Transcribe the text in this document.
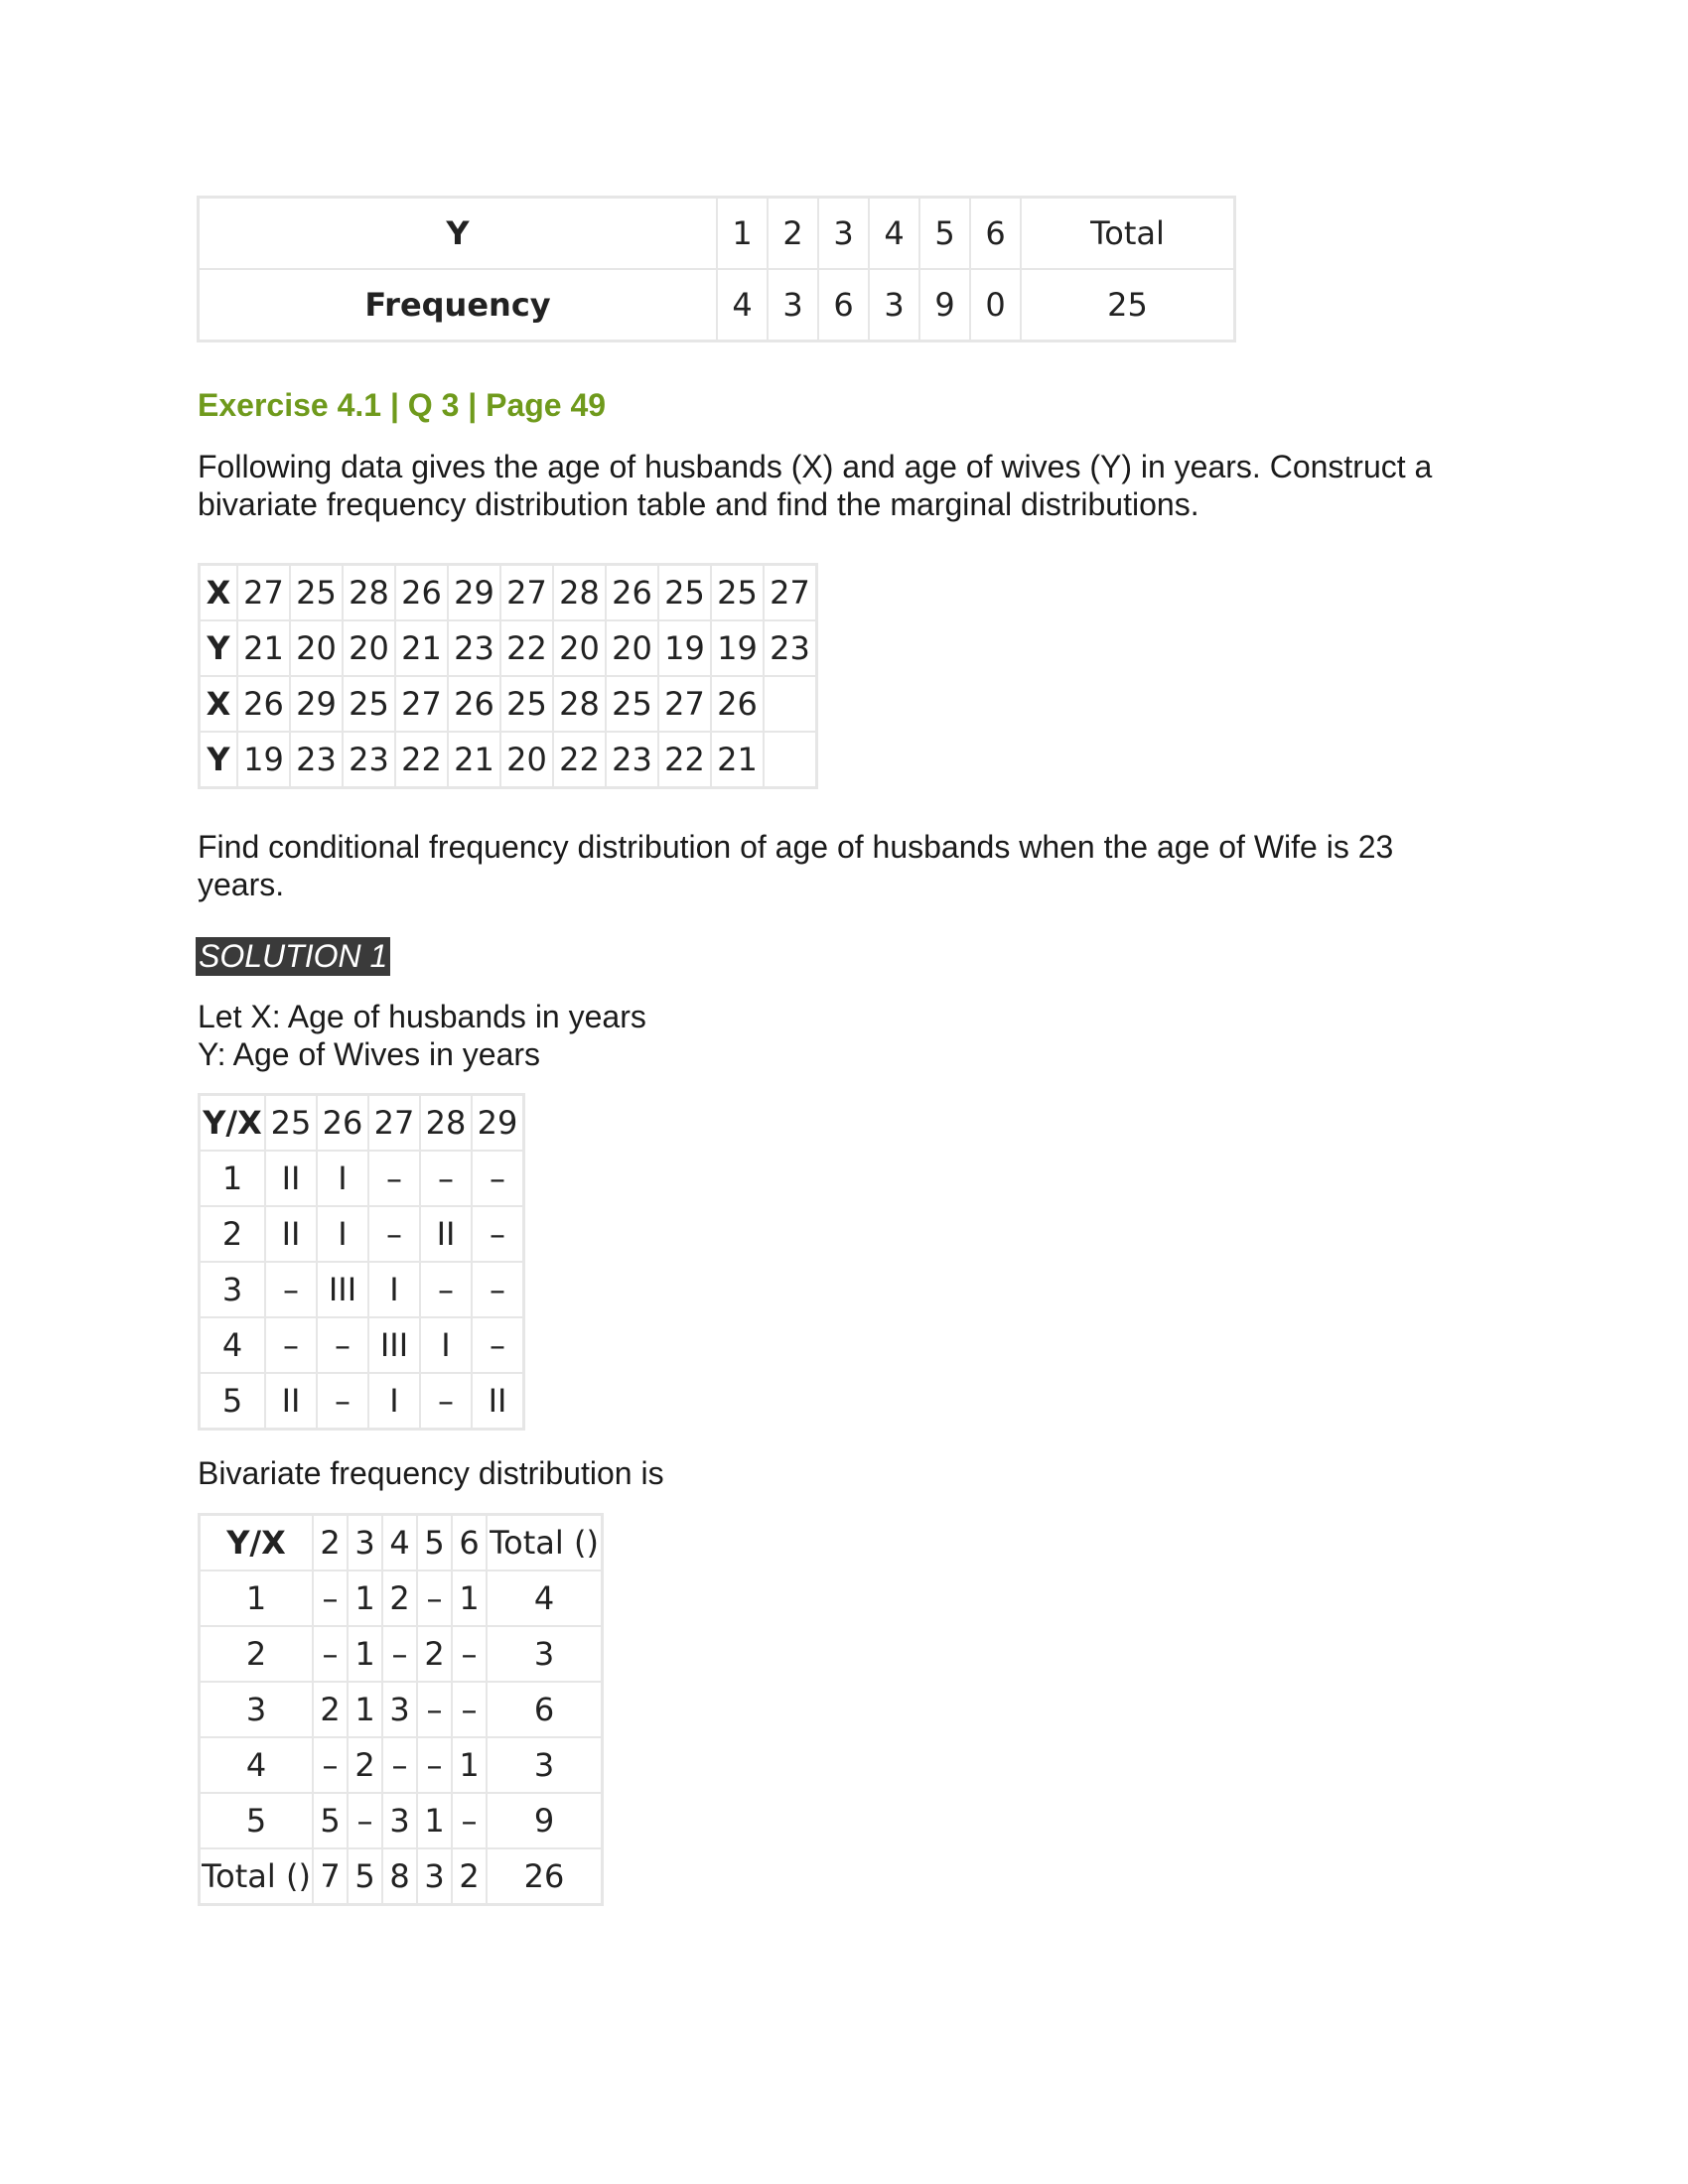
Y	1	2	3	4	5	6	Total
Frequency	4	3	6	3	9	0	25
Exercise 4.1 | Q 3 | Page 49
Following data gives the age of husbands (X) and age of wives (Y) in years. Construct a bivariate frequency distribution table and find the marginal distributions.
X	27	25	28	26	29	27	28	26	25	25	27
Y	21	20	20	21	23	22	20	20	19	19	23
X	26	29	25	27	26	25	28	25	27	26	
Y	19	23	23	22	21	20	22	23	22	21	
Find conditional frequency distribution of age of husbands when the age of Wife is 23 years.
SOLUTION 1
Let X: Age of husbands in years
Y: Age of Wives in years
Y/X	25	26	27	28	29
1	II	I	–	–	–
2	II	I	–	II	–
3	–	III	I	–	–
4	–	–	III	I	–
5	II	–	I	–	II
Bivariate frequency distribution is
Y/X	2	3	4	5	6	Total ()
1	–	1	2	–	1	4
2	–	1	–	2	–	3
3	2	1	3	–	–	6
4	–	2	–	–	1	3
5	5	–	3	1	–	9
Total ()	7	5	8	3	2	26
